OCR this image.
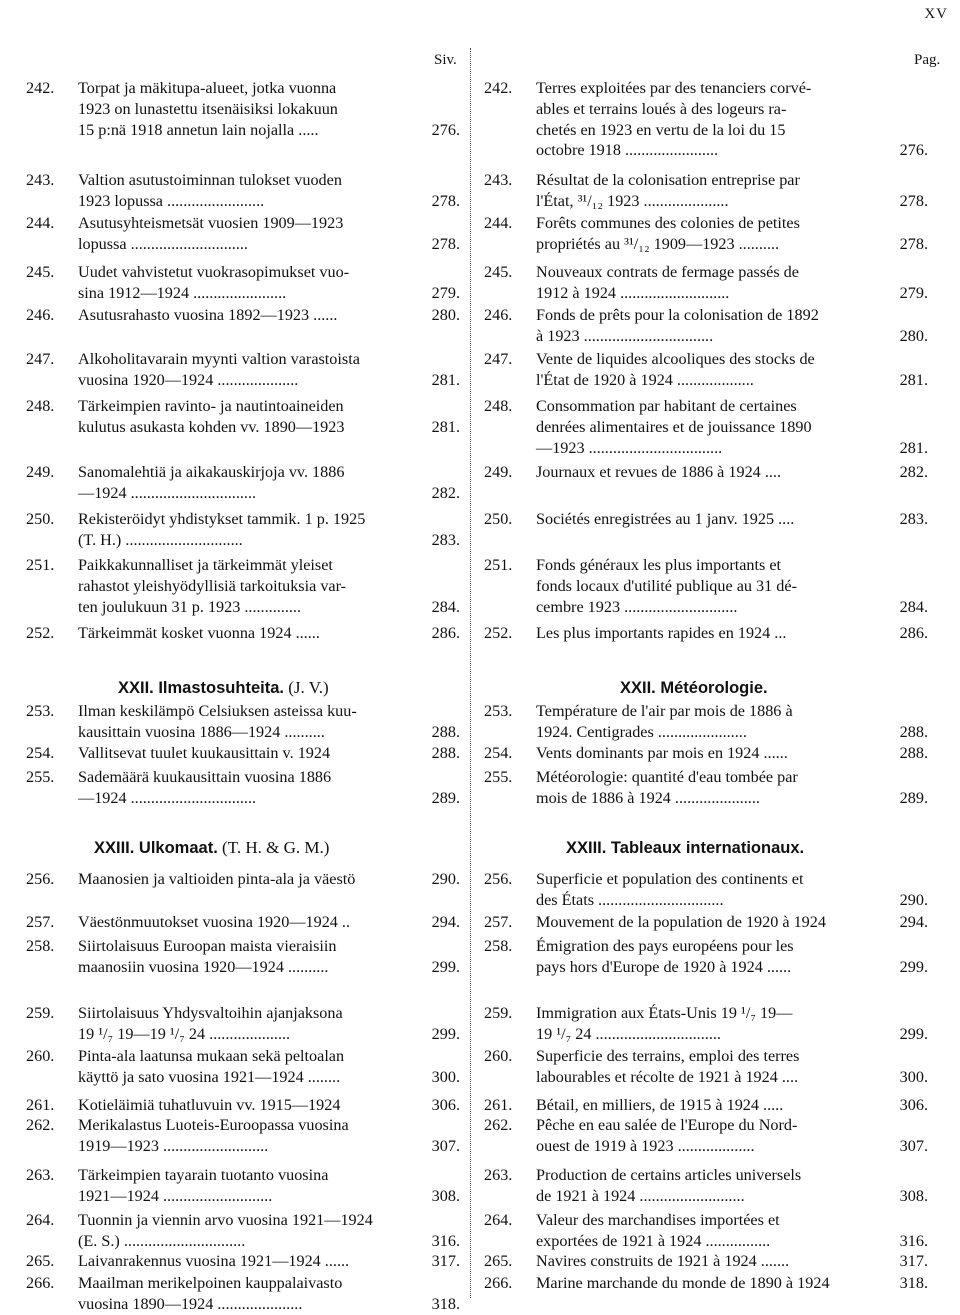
XV
Siv.	Pag.
XXII. Ilmastosuhteita. (J. V.)	XXII. Météorologie.
XXIII. Ulkomaat. (T. H. & G. M.)	XXIII. Tableaux internationaux.
242. Torpat ja mäkitupa-alueet, jotka vuonna
1923 on lunastettu itsenäisiksi lokakuun
15 p:nä 1918 annetun lain nojalla .....	276.
243. Valtion asutustoiminnan tulokset vuoden
1923 lopussa ........................	278.
244. Asutusyhteismetsät vuosien 1909—1923
lopussa .............................	278.
245. Uudet vahvistetut vuokrasopimukset vuo-
sina 1912—1924 .......................	279.
246. Asutusrahasto vuosina 1892—1923 ......	280.
247. Alkoholitavarain myynti valtion varastoista
vuosina 1920—1924 ....................	281.
248. Tärkeimpien ravinto- ja nautintoaineiden
kulutus asukasta kohden vv. 1890—1923	281.
249. Sanomalehtiä ja aikakauskirjoja vv. 1886
—1924 ...............................	282.
250. Rekisteröidyt yhdistykset tammik. 1 p. 1925
(T. H.) .............................	283.
251. Paikkakunnalliset ja tärkeimmät yleiset
rahastot yleishyödyllisiä tarkoituksia var-
ten joulukuun 31 p. 1923 ..............	284.
252. Tärkeimmät kosket vuonna 1924 ......	286.
253. Ilman keskilämpö Celsiuksen asteissa kuu-
kausittain vuosina 1886—1924 ..........	288.
254. Vallitsevat tuulet kuukausittain v. 1924	288.
255. Sademäärä kuukausittain vuosina 1886
—1924 ...............................	289.
256. Maanosien ja valtioiden pinta-ala ja väestö	290.
257. Väestönmuutokset vuosina 1920—1924 ..	294.
258. Siirtolaisuus Euroopan maista vieraisiin
maanosiin vuosina 1920—1924 ..........	299.
259. Siirtolaisuus Yhdysvaltoihin ajanjaksona
19 ¹/₇ 19—19 ¹/₇ 24 ....................	299.
260. Pinta-ala laatunsa mukaan sekä peltoalan
käyttö ja sato vuosina 1921—1924 ........	300.
261. Kotieläimiä tuhatluvuin vv. 1915—1924	306.
262. Merikalastus Luoteis-Euroopassa vuosina
1919—1923 ..........................	307.
263. Tärkeimpien tayarain tuotanto vuosina
1921—1924 ...........................	308.
264. Tuonnin ja viennin arvo vuosina 1921—1924
(E. S.) ..............................	316.
265. Laivanrakennus vuosina 1921—1924 ......	317.
266. Maailman merikelpoinen kauppalaivasto
vuosina 1890—1924 .....................	318.
242. Terres exploitées par des tenanciers corvé-
ables et terrains loués à des logeurs ra-
chetés en 1923 en vertu de la loi du 15
octobre 1918 .......................	276.
243. Résultat de la colonisation entreprise par
l'État, ³¹/₁₂ 1923 .....................	278.
244. Forêts communes des colonies de petites
propriétés au ³¹/₁₂ 1909—1923 ..........	278.
245. Nouveaux contrats de fermage passés de
1912 à 1924 ...........................	279.
246. Fonds de prêts pour la colonisation de 1892
à 1923 ................................	280.
247. Vente de liquides alcooliques des stocks de
l'État de 1920 à 1924 ...................	281.
248. Consommation par habitant de certaines
denrées alimentaires et de jouissance 1890
—1923 .................................	281.
249. Journaux et revues de 1886 à 1924 ....	282.
250. Sociétés enregistrées au 1 janv. 1925 ....	283.
251. Fonds généraux les plus importants et
fonds locaux d'utilité publique au 31 dé-
cembre 1923 ............................	284.
252. Les plus importants rapides en 1924 ...	286.
253. Température de l'air par mois de 1886 à
1924. Centigrades ......................	288.
254. Vents dominants par mois en 1924 ......	288.
255. Météorologie: quantité d'eau tombée par
mois de 1886 à 1924 .....................	289.
256. Superficie et population des continents et
des États ...............................	290.
257. Mouvement de la population de 1920 à 1924	294.
258. Émigration des pays européens pour les
pays hors d'Europe de 1920 à 1924 ......	299.
259. Immigration aux États-Unis 19 ¹/₇ 19—
19 ¹/₇ 24 ...............................	299.
260. Superficie des terrains, emploi des terres
labourables et récolte de 1921 à 1924 ....	300.
261. Bétail, en milliers, de 1915 à 1924 .....	306.
262. Pêche en eau salée de l'Europe du Nord-
ouest de 1919 à 1923 ...................	307.
263. Production de certains articles universels
de 1921 à 1924 ..........................	308.
264. Valeur des marchandises importées et
exportées de 1921 à 1924 ................	316.
265. Navires construits de 1921 à 1924 .......	317.
266. Marine marchande du monde de 1890 à 1924	318.
